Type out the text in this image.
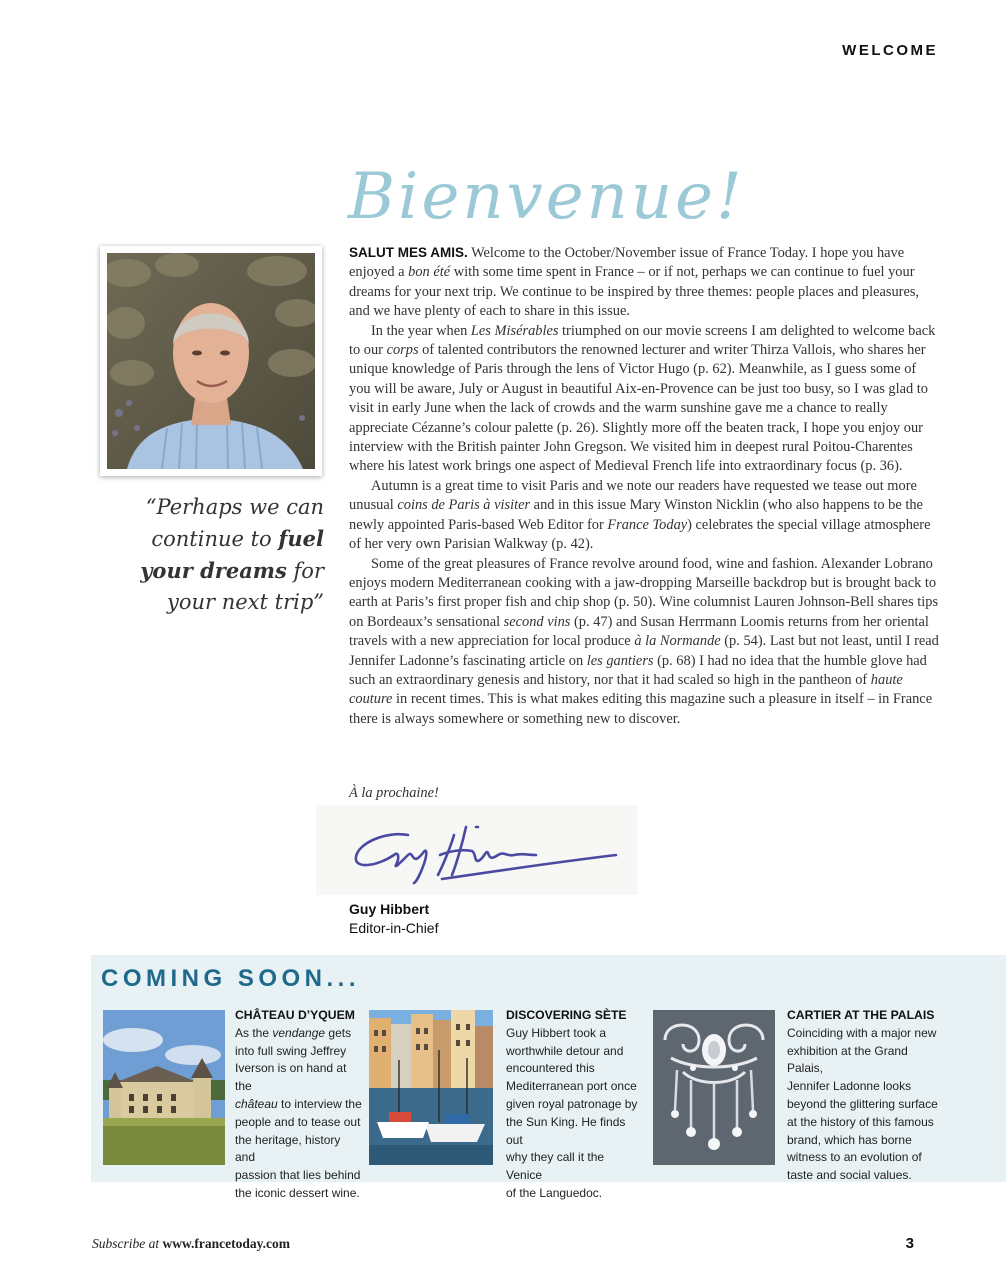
WELCOME
Bienvenue!
“Perhaps we can continue to fuel your dreams for your next trip”

SALUT MES AMIS. Welcome to the October/November issue of France Today. I hope you have enjoyed a bon été with some time spent in France – or if not, perhaps we can continue to fuel your dreams for your next trip. We continue to be inspired by three themes: people places and pleasures, and we have plenty of each to share in this issue.

In the year when Les Misérables triumphed on our movie screens I am delighted to welcome back to our corps of talented contributors the renowned lecturer and writer Thirza Vallois, who shares her unique knowledge of Paris through the lens of Victor Hugo (p. 62). Meanwhile, as I guess some of you will be aware, July or August in beautiful Aix-en-Provence can be just too busy, so I was glad to visit in early June when the lack of crowds and the warm sunshine gave me a chance to really appreciate Cézanne’s colour palette (p. 26). Slightly more off the beaten track, I hope you enjoy our interview with the British painter John Gregson. We visited him in deepest rural Poitou-Charentes where his latest work brings one aspect of Medieval French life into extraordinary focus (p. 36).

Autumn is a great time to visit Paris and we note our readers have requested we tease out more unusual coins de Paris à visiter and in this issue Mary Winston Nicklin (who also happens to be the newly appointed Paris-based Web Editor for France Today) celebrates the special village atmosphere of her very own Parisian Walkway (p. 42).

Some of the great pleasures of France revolve around food, wine and fashion. Alexander Lobrano enjoys modern Mediterranean cooking with a jaw-dropping Marseille backdrop but is brought back to earth at Paris’s first proper fish and chip shop (p. 50). Wine columnist Lauren Johnson-Bell shares tips on Bordeaux’s sensational second vins (p. 47) and Susan Herrmann Loomis returns from her oriental travels with a new appreciation for local produce à la Normande (p. 54). Last but not least, until I read Jennifer Ladonne’s fascinating article on les gantiers (p. 68) I had no idea that the humble glove had such an extraordinary genesis and history, nor that it had scaled so high in the pantheon of haute couture in recent times. This is what makes editing this magazine such a pleasure in itself – in France there is always somewhere or something new to discover.

À la prochaine!
Guy Hibbert
Editor-in-Chief
COMING SOON...
CHÂTEAU D’YQUEM
As the vendange gets
into full swing Jeffrey
Iverson is on hand at the
château to interview the
people and to tease out
the heritage, history and
passion that lies behind
the iconic dessert wine.
DISCOVERING SÈTE
Guy Hibbert took a
worthwhile detour and
encountered this
Mediterranean port once
given royal patronage by
the Sun King. He finds out
why they call it the Venice
of the Languedoc.
CARTIER AT THE PALAIS
Coinciding with a major new
exhibition at the Grand Palais,
Jennifer Ladonne looks
beyond the glittering surface
at the history of this famous
brand, which has borne
witness to an evolution of
taste and social values.
Subscribe at www.francetoday.com	3
